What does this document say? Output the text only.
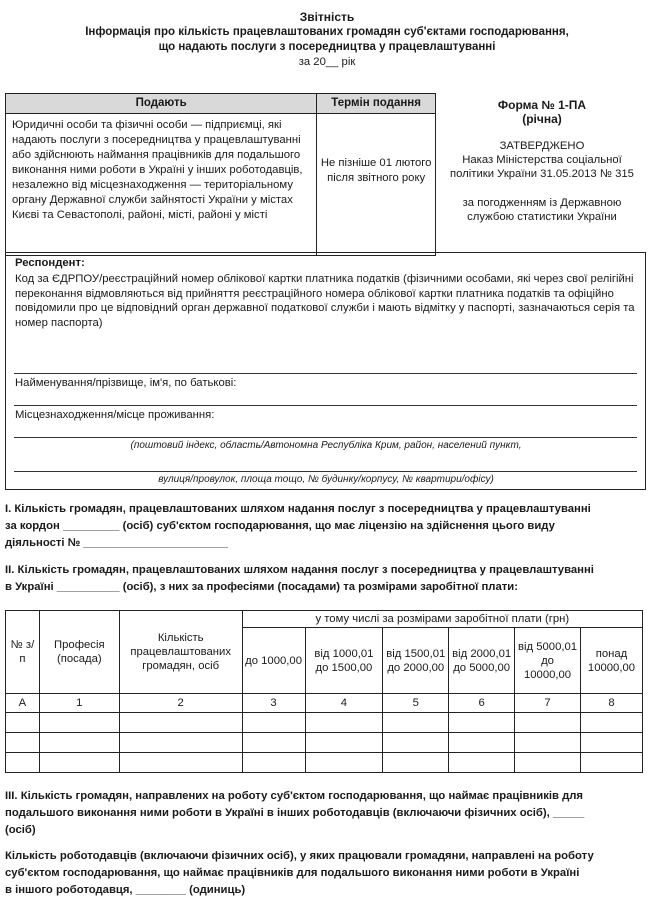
Звітність
Інформація про кількість працевлаштованих громадян суб'єктами господарювання,
що надають послуги з посередництва у працевлаштуванні
за 20__ рік
Подають	Термін подання
Юридичні особи та фізичні особи — підприємці, які надають послуги з посередництва у працевлаштуванні або здійснюють наймання працівників для подальшого виконання ними роботи в Україні у інших роботодавців, незалежно від місцезнаходження — територіальному органу Державної служби зайнятості України у містах Києві та Севастополі, районі, місті, районі у місті	Не пізніше 01 лютого після звітного року
Форма № 1-ПА
(річна)
ЗАТВЕРДЖЕНО
Наказ Міністерства соціальної політики України 31.05.2013 № 315
за погодженням із Державною службою статистики України
Респондент:
Код за ЄДРПОУ/реєстраційний номер облікової картки платника податків (фізичними особами, які через свої релігійні переконання відмовляються від прийняття реєстраційного номера облікової картки платника податків та офіційно повідомили про це відповідний орган державної податкової служби і мають відмітку у паспорті, зазначаються серія та номер паспорта)
Найменування/прізвище, ім'я, по батькові:
Місцезнаходження/місце проживання:
(поштовий індекс, область/Автономна Республіка Крим, район, населений пункт,
вулиця/провулок, площа тощо, № будинку/корпусу, № квартири/офісу)
І. Кількість громадян, працевлаштованих шляхом надання послуг з посередництва у працевлаштуванні
за кордон _________ (осіб) суб'єктом господарювання, що має ліцензію на здійснення цього виду
діяльності № _______________________
ІІ. Кількість громадян, працевлаштованих шляхом надання послуг з посередництва у працевлаштуванні
в Україні __________ (осіб), з них за професіями (посадами) та розмірами заробітної плати:
№ з/п	Професія (посада)	Кількість працевлаштованих громадян, осіб	у тому числі за розмірами заробітної плати (грн)					
			до 1000,00	від 1000,01 до 1500,00	від 1500,01 до 2000,00	від 2000,01 до 5000,00	від 5000,01 до 10000,00	понад 10000,00
А	1	2	3	4	5	6	7	8

ІІІ. Кількість громадян, направлених на роботу суб'єктом господарювання, що наймає працівників для
подальшого виконання ними роботи в Україні в інших роботодавців (включаючи фізичних осіб), _____
(осіб)
Кількість роботодавців (включаючи фізичних осіб), у яких працювали громадяни, направлені на роботу
суб'єктом господарювання, що наймає працівників для подальшого виконання ними роботи в Україні
в іншого роботодавця, ________ (одиниць)
